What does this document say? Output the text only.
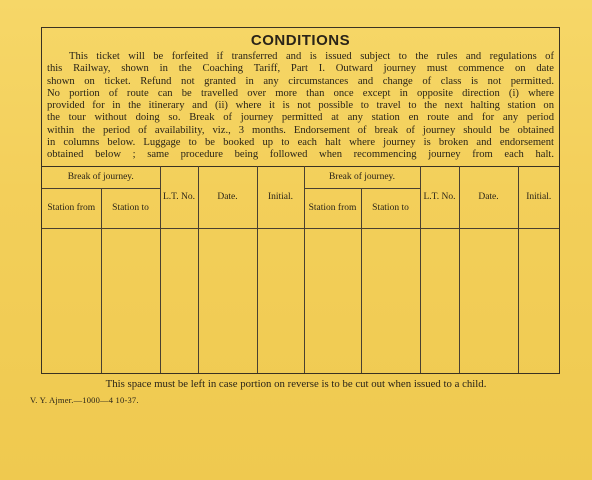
CONDITIONS
This ticket will be forfeited if transferred and is issued subject to the rules and regulations of
this Railway, shown in the Coaching Tariff, Part I. Outward journey must commence on date
shown on ticket. Refund not granted in any circumstances and change of class is not permitted.
No portion of route can be travelled over more than once except in opposite direction (i) where
provided for in the itinerary and (ii) where it is not possible to travel to the next halting station on
the tour without doing so. Break of journey permitted at any station en route and for any period
within the period of availability, viz., 3 months. Endorsement of break of journey should be obtained
in columns below. Luggage to be booked up to each halt where journey is broken and endorsement
obtained below ; same procedure being followed when recommencing journey from each halt.
Break of journey.		L.T. No.	Date.	Initial.	Break of journey.		L.T. No.	Date.	Initial.
Station from	Station to				Station from	Station to			

This space must be left in case portion on reverse is to be cut out when issued to a child.
V. Y. Ajmer.—1000—4 10-37.
